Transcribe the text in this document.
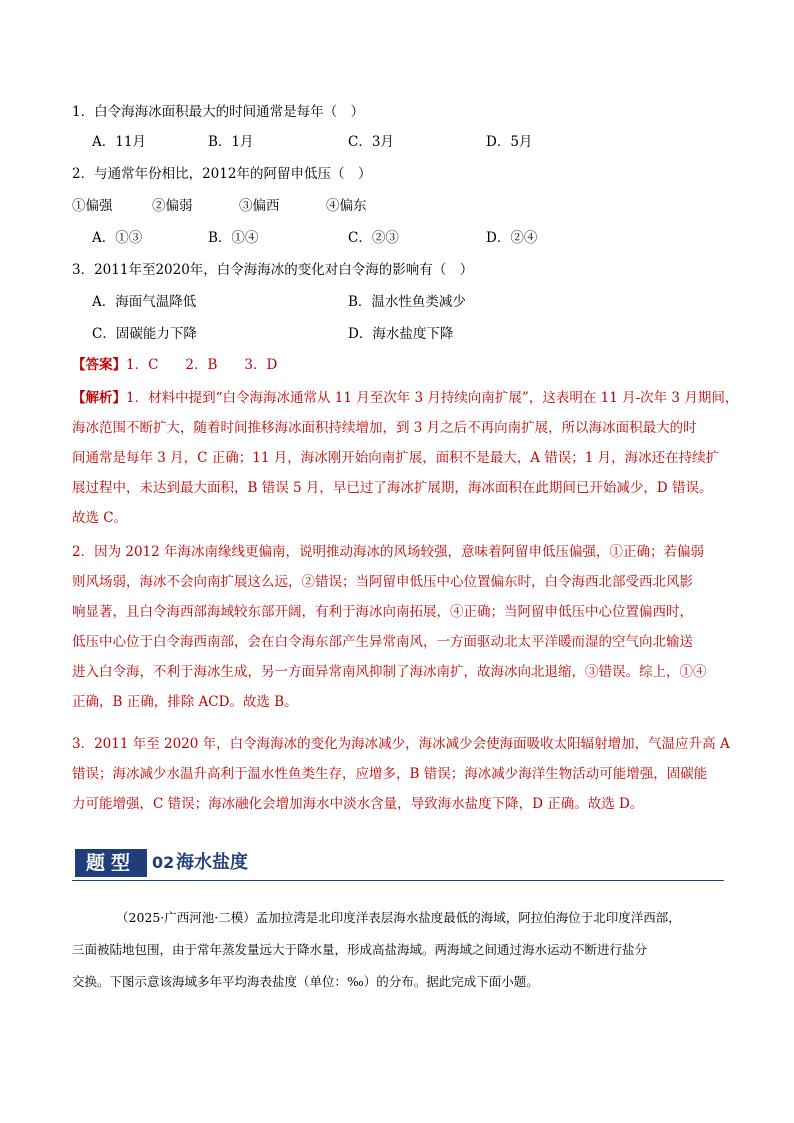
1．白令海海冰面积最大的时间通常是每年（　）
A．11月	B．1月	C．3月	D．5月
2．与通常年份相比，2012年的阿留申低压（　）
①偏强	②偏弱	③偏西	④偏东
A．①③	B．①④	C．②③	D．②④
3．2011年至2020年，白令海海冰的变化对白令海的影响有（　）
A．海面气温降低	B．温水性鱼类减少
C．固碳能力下降	D．海水盐度下降
【答案】1．C　　2．B　　3．D
【解析】1．材料中提到“白令海海冰通常从 11 月至次年 3 月持续向南扩展”，这表明在 11 月-次年 3 月期间，
海冰范围不断扩大，随着时间推移海冰面积持续增加，到 3 月之后不再向南扩展，所以海冰面积最大的时
间通常是每年 3 月，C 正确；11 月，海冰刚开始向南扩展，面积不是最大，A 错误；1 月，海冰还在持续扩
展过程中，未达到最大面积，B 错误 5 月，早已过了海冰扩展期，海冰面积在此期间已开始减少，D 错误。
故选 C。
2．因为 2012 年海冰南缘线更偏南，说明推动海冰的风场较强，意味着阿留申低压偏强，①正确；若偏弱
则风场弱，海冰不会向南扩展这么远，②错误；当阿留申低压中心位置偏东时，白令海西北部受西北风影
响显著，且白令海西部海域较东部开阔，有利于海冰向南拓展，④正确；当阿留申低压中心位置偏西时，
低压中心位于白令海西南部，会在白令海东部产生异常南风，一方面驱动北太平洋暖而湿的空气向北输送
进入白令海，不利于海冰生成，另一方面异常南风抑制了海冰南扩，故海冰向北退缩，③错误。综上，①④
正确，B 正确，排除 ACD。故选 B。
3．2011 年至 2020 年，白令海海冰的变化为海冰减少，海冰减少会使海面吸收太阳辐射增加，气温应升高 A
错误；海冰减少水温升高利于温水性鱼类生存，应增多，B 错误；海冰减少海洋生物活动可能增强，固碳能
力可能增强，C 错误；海冰融化会增加海水中淡水含量，导致海水盐度下降，D 正确。故选 D。
题型	02 海水盐度
（2025·广西河池·二模）孟加拉湾是北印度洋表层海水盐度最低的海域，阿拉伯海位于北印度洋西部，
三面被陆地包围，由于常年蒸发量远大于降水量，形成高盐海域。两海域之间通过海水运动不断进行盐分
交换。下图示意该海域多年平均海表盐度（单位：‰）的分布。据此完成下面小题。
